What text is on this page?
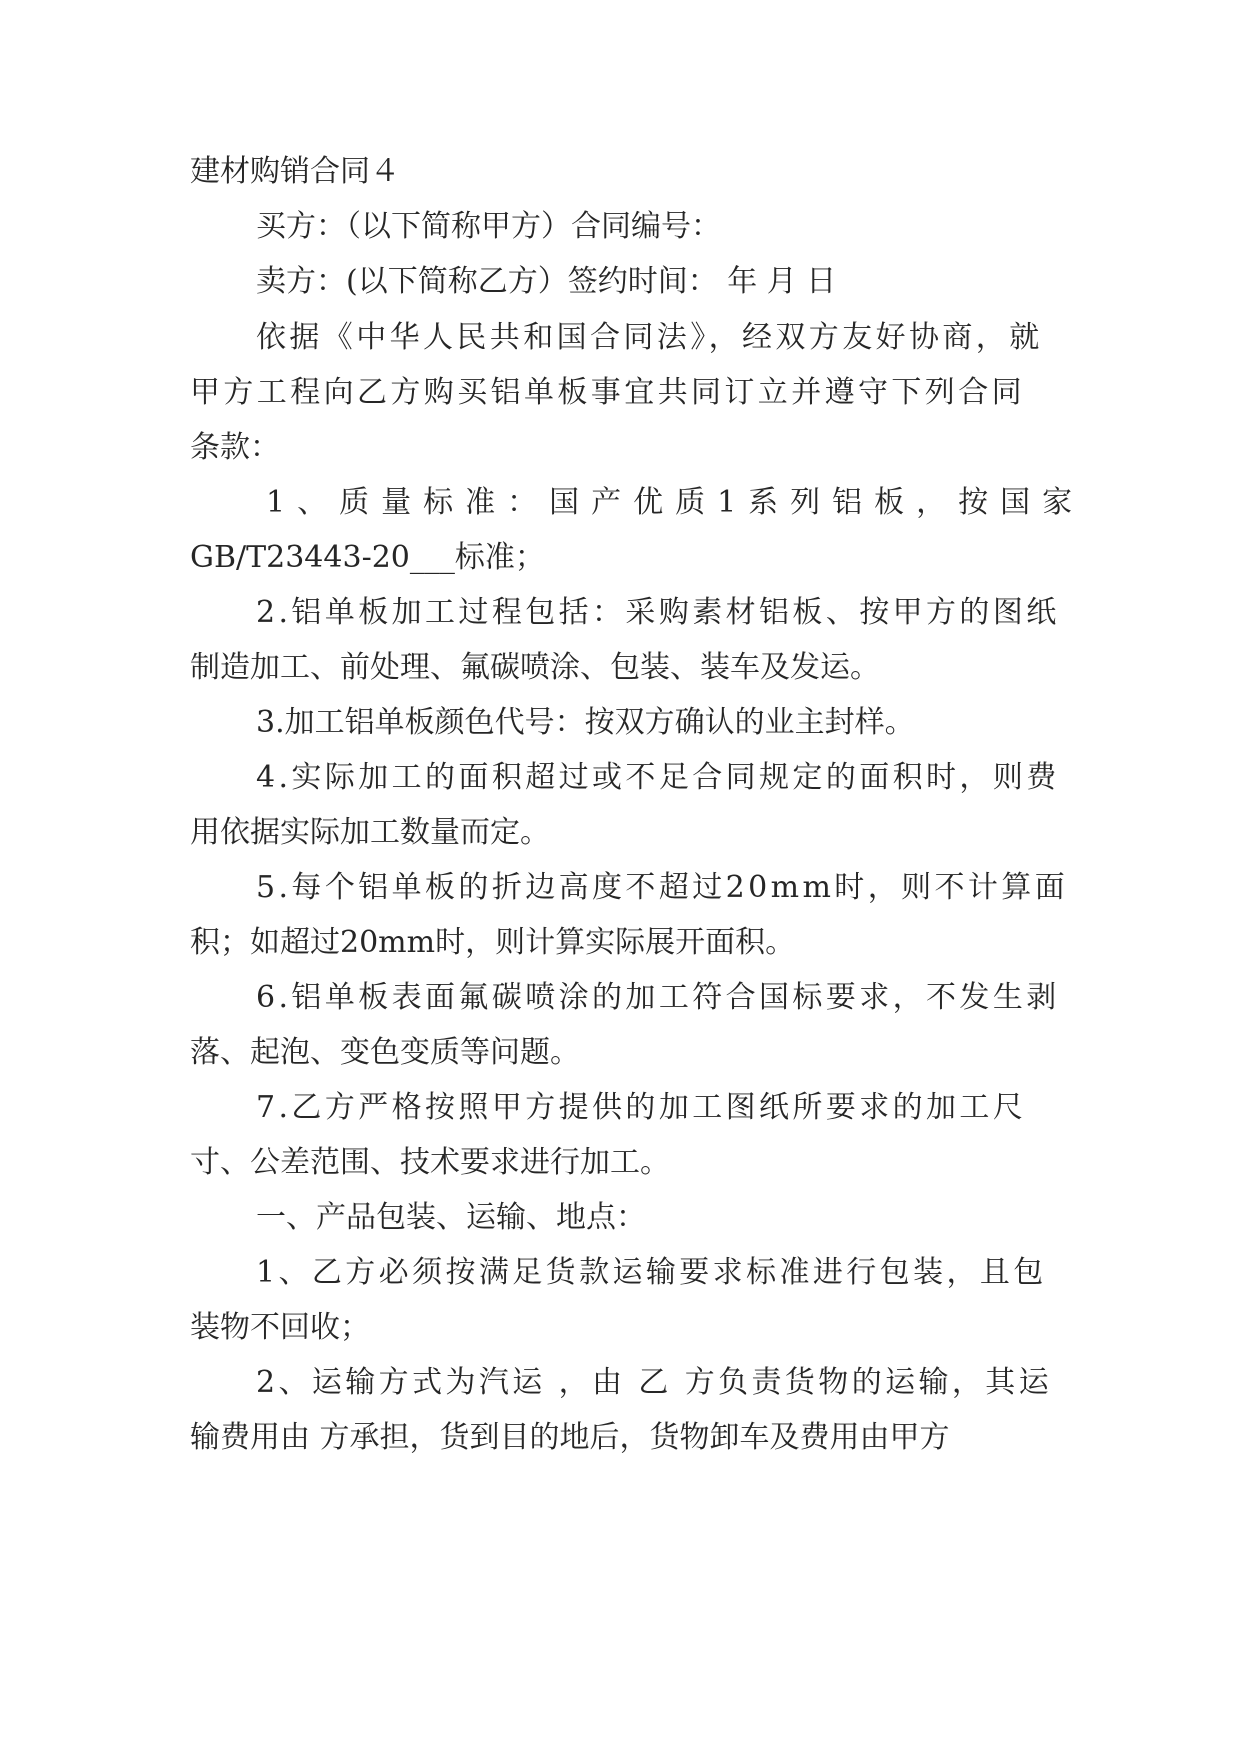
建材购销合同４
买方：（以下简称甲方）合同编号：
卖方：(以下简称乙方）签约时间： 年 月 日
依据《中华人民共和国合同法》，经双方友好协商，就
甲方工程向乙方购买铝单板事宜共同订立并遵守下列合同
条款：
1、质量标准：国产优质1系列铝板，按国家
GB/T23443-20___标准；
2.铝单板加工过程包括：采购素材铝板、按甲方的图纸
制造加工、前处理、氟碳喷涂、包装、装车及发运。
3.加工铝单板颜色代号：按双方确认的业主封样。
4.实际加工的面积超过或不足合同规定的面积时，则费
用依据实际加工数量而定。
5.每个铝单板的折边高度不超过20mm时，则不计算面
积；如超过20mm时，则计算实际展开面积。
6.铝单板表面氟碳喷涂的加工符合国标要求，不发生剥
落、起泡、变色变质等问题。
7.乙方严格按照甲方提供的加工图纸所要求的加工尺
寸、公差范围、技术要求进行加工。
一、产品包装、运输、地点：
1、乙方必须按满足货款运输要求标准进行包装，且包
装物不回收；
2、运输方式为汽运 ，由 乙 方负责货物的运输，其运
输费用由 方承担，货到目的地后，货物卸车及费用由甲方
